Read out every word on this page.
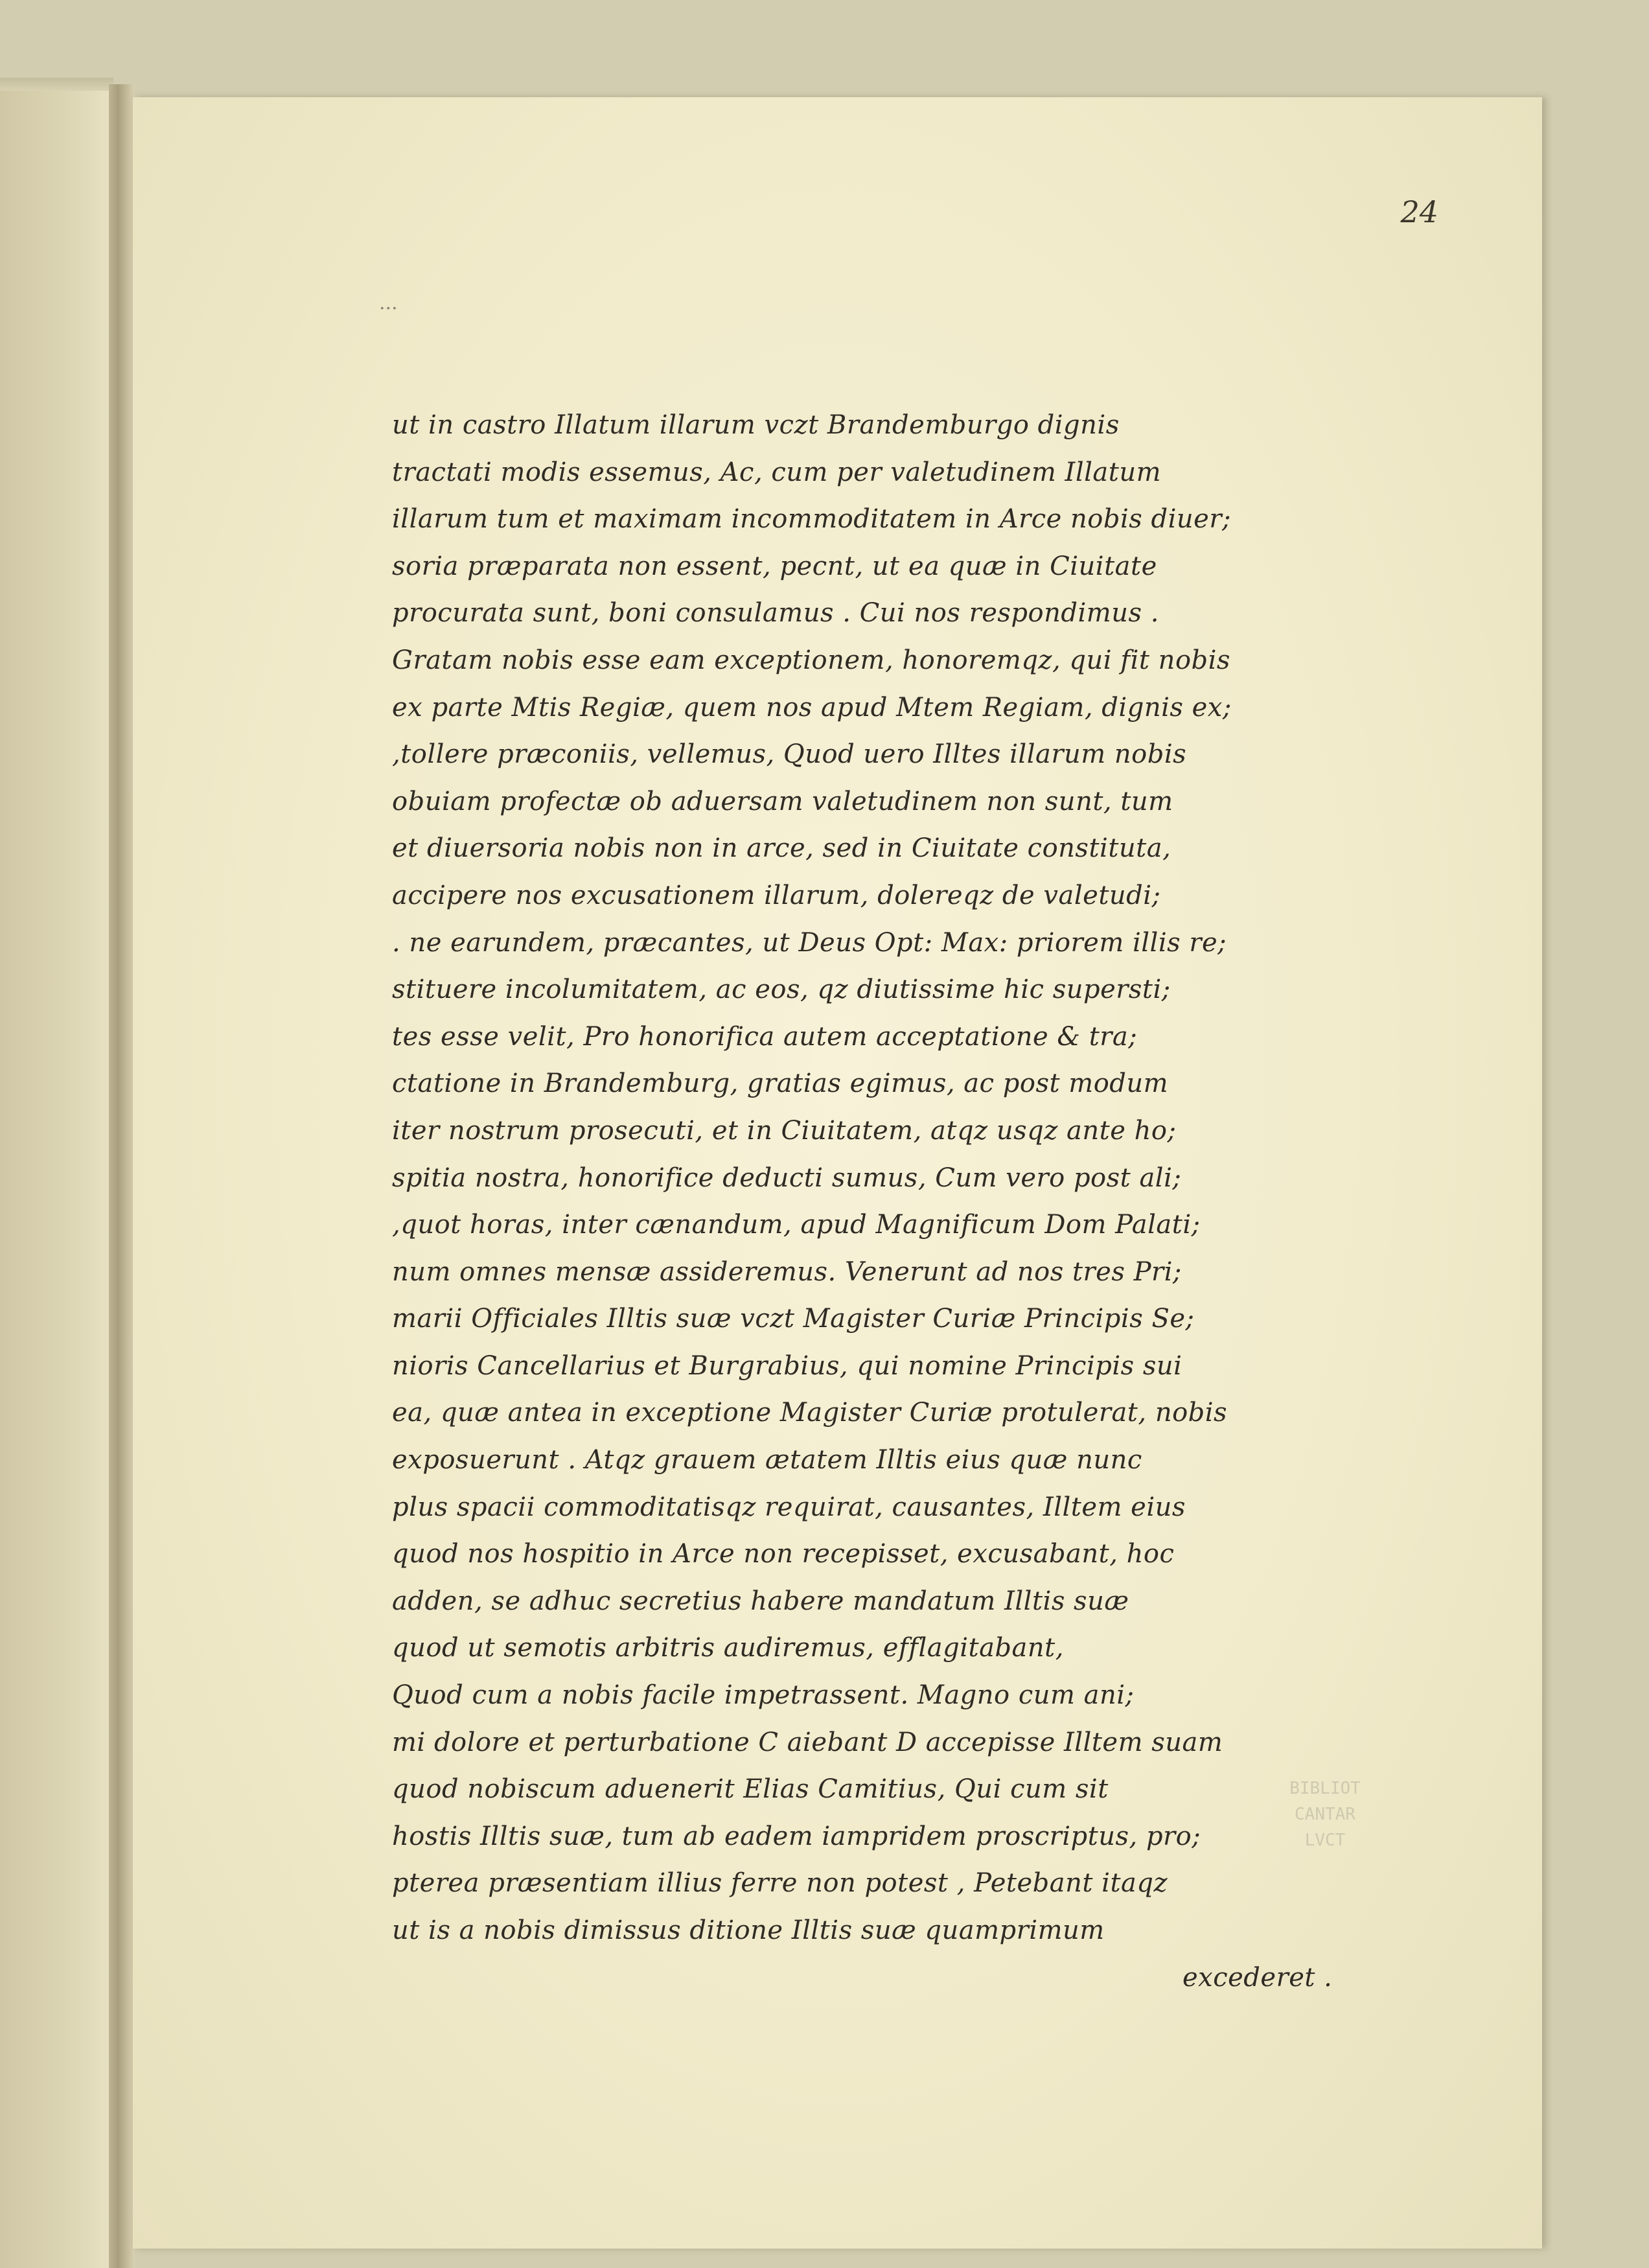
24
...
ut in castro Illatum illarum vczt Brandemburgo dignis
tractati modis essemus, Ac, cum per valetudinem Illatum
illarum tum et maximam incommoditatem in Arce nobis diuer;
soria præparata non essent, pecnt, ut ea quæ in Ciuitate
procurata sunt, boni consulamus . Cui nos respondimus .
Gratam nobis esse eam exceptionem, honoremqz, qui fit nobis
ex parte Mtis Regiæ, quem nos apud Mtem Regiam, dignis ex;
,tollere præconiis, vellemus, Quod uero Illtes illarum nobis
obuiam profectæ ob aduersam valetudinem non sunt, tum
et diuersoria nobis non in arce, sed in Ciuitate constituta,
accipere nos excusationem illarum, dolereqz de valetudi;
. ne earundem, præcantes, ut Deus Opt: Max: priorem illis re;
stituere incolumitatem, ac eos, qz diutissime hic supersti;
tes esse velit, Pro honorifica autem acceptatione & tra;
ctatione in Brandemburg, gratias egimus, ac post modum
iter nostrum prosecuti, et in Ciuitatem, atqz usqz ante ho;
spitia nostra, honorifice deducti sumus, Cum vero post ali;
,quot horas, inter cænandum, apud Magnificum Dom Palati;
num omnes mensæ assideremus. Venerunt ad nos tres Pri;
marii Officiales Illtis suæ vczt Magister Curiæ Principis Se;
nioris Cancellarius et Burgrabius, qui nomine Principis sui
ea, quæ antea in exceptione Magister Curiæ protulerat, nobis
exposuerunt . Atqz grauem ætatem Illtis eius quæ nunc
plus spacii commoditatisqz requirat, causantes, Illtem eius
quod nos hospitio in Arce non recepisset, excusabant, hoc
adden, se adhuc secretius habere mandatum Illtis suæ
quod ut semotis arbitris audiremus, efflagitabant,
Quod cum a nobis facile impetrassent. Magno cum ani;
mi dolore et perturbatione C aiebant D accepisse Illtem suam
quod nobiscum aduenerit Elias Camitius, Qui cum sit
hostis Illtis suæ, tum ab eadem iampridem proscriptus, pro;
pterea præsentiam illius ferre non potest , Petebant itaqz
ut is a nobis dimissus ditione Illtis suæ quamprimum
excederet .
BIBLIOT
CANTAR
LVCT
